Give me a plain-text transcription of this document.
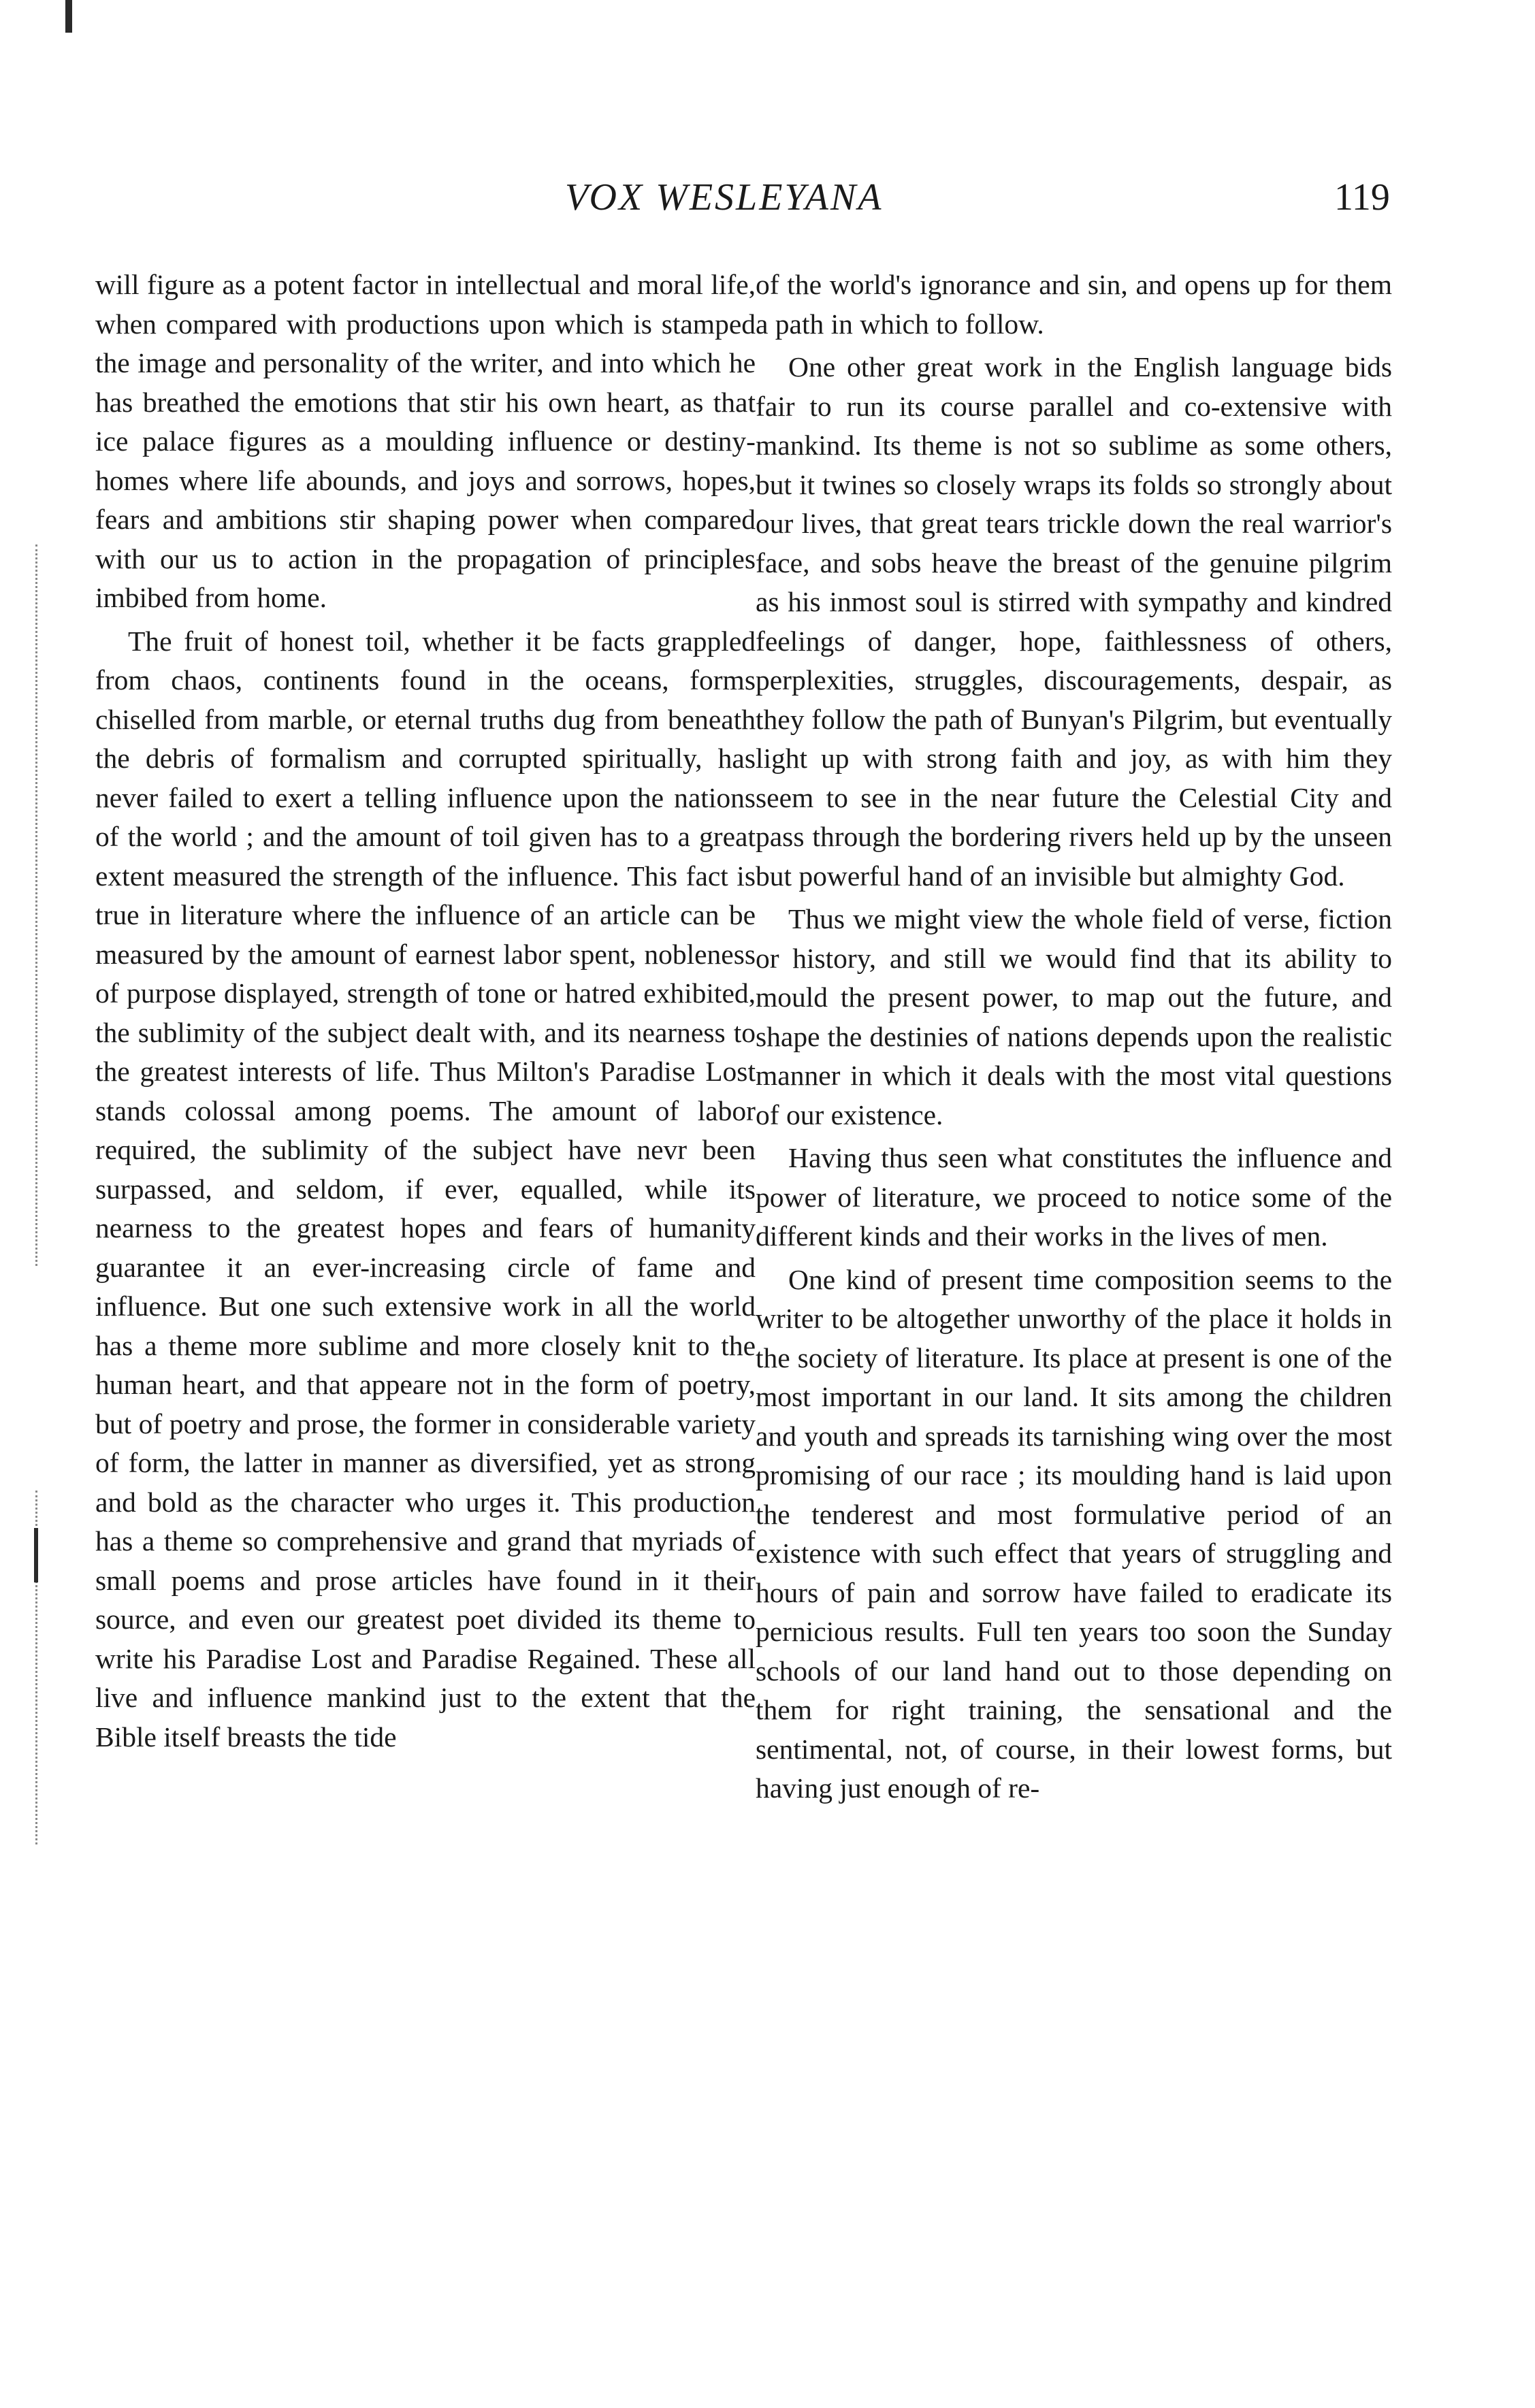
VOX WESLEYANA	119

will figure as a potent factor in intellectual and moral life, when compared with productions upon which is stamped the image and personality of the writer, and into which he has breathed the emotions that stir his own heart, as that ice palace figures as a moulding influence or destiny-homes where life abounds, and joys and sorrows, hopes, fears and ambitions stir shaping power when compared with our us to action in the propagation of principles imbibed from home.

The fruit of honest toil, whether it be facts grappled from chaos, continents found in the oceans, forms chiselled from marble, or eternal truths dug from beneath the debris of formalism and corrupted spiritually, has never failed to exert a telling influence upon the nations of the world ; and the amount of toil given has to a great extent measured the strength of the influence. This fact is true in literature where the influence of an article can be measured by the amount of earnest labor spent, nobleness of purpose displayed, strength of tone or hatred exhibited, the sublimity of the subject dealt with, and its nearness to the greatest interests of life. Thus Milton's Paradise Lost stands colossal among poems. The amount of labor required, the sublimity of the subject have nevr been surpassed, and seldom, if ever, equalled, while its nearness to the greatest hopes and fears of humanity guarantee it an ever-increasing circle of fame and influence. But one such extensive work in all the world has a theme more sublime and more closely knit to the human heart, and that appeare not in the form of poetry, but of poetry and prose, the former in considerable variety of form, the latter in manner as diversified, yet as strong and bold as the character who urges it. This production has a theme so comprehensive and grand that myriads of small poems and prose articles have found in it their source, and even our greatest poet divided its theme to write his Paradise Lost and Paradise Regained. These all live and influence mankind just to the extent that the Bible itself breasts the tide

of the world's ignorance and sin, and opens up for them a path in which to follow.

One other great work in the English language bids fair to run its course parallel and co-extensive with mankind. Its theme is not so sublime as some others, but it twines so closely wraps its folds so strongly about our lives, that great tears trickle down the real warrior's face, and sobs heave the breast of the genuine pilgrim as his inmost soul is stirred with sympathy and kindred feelings of danger, hope, faithlessness of others, perplexities, struggles, discouragements, despair, as they follow the path of Bunyan's Pilgrim, but eventually light up with strong faith and joy, as with him they seem to see in the near future the Celestial City and pass through the bordering rivers held up by the unseen but powerful hand of an invisible but almighty God.

Thus we might view the whole field of verse, fiction or history, and still we would find that its ability to mould the present power, to map out the future, and shape the destinies of nations depends upon the realistic manner in which it deals with the most vital questions of our existence.

Having thus seen what constitutes the influence and power of literature, we proceed to notice some of the different kinds and their works in the lives of men.

One kind of present time composition seems to the writer to be altogether unworthy of the place it holds in the society of literature. Its place at present is one of the most important in our land. It sits among the children and youth and spreads its tarnishing wing over the most promising of our race ; its moulding hand is laid upon the tenderest and most formulative period of an existence with such effect that years of struggling and hours of pain and sorrow have failed to eradicate its pernicious results. Full ten years too soon the Sunday schools of our land hand out to those depending on them for right training, the sensational and the sentimental, not, of course, in their lowest forms, but having just enough of re-
